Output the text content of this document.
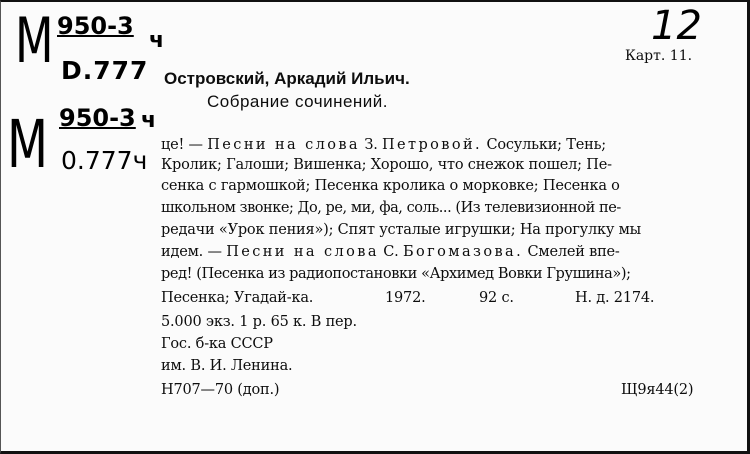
M 950-3
ч
D.777
M 950-3 ч
0.777ч
12
Карт. 11.
Островский, Аркадий Ильич.
Собрание сочинений.
це! — Песни на слова З. Петровой. Сосульки; Тень;
Кролик; Галоши; Вишенка; Хорошо, что снежок пошел; Пе-
сенка с гармошкой; Песенка кролика о морковке; Песенка о
школьном звонке; До, ре, ми, фа, соль... (Из телевизионной пе-
редачи «Урок пения»); Спят усталые игрушки; На прогулку мы
идем. — Песни на слова С. Богомазова. Смелей впе-
ред! (Песенка из радиопостановки «Архимед Вовки Грушина»);
Песенка; Угадай-ка.	1972.	92 с.	Н. д. 2174.
5.000 экз. 1 р. 65 к. В пер.
Гос. б-ка СССР
им. В. И. Ленина.
Н707—70 (доп.)	Щ9я44(2)
